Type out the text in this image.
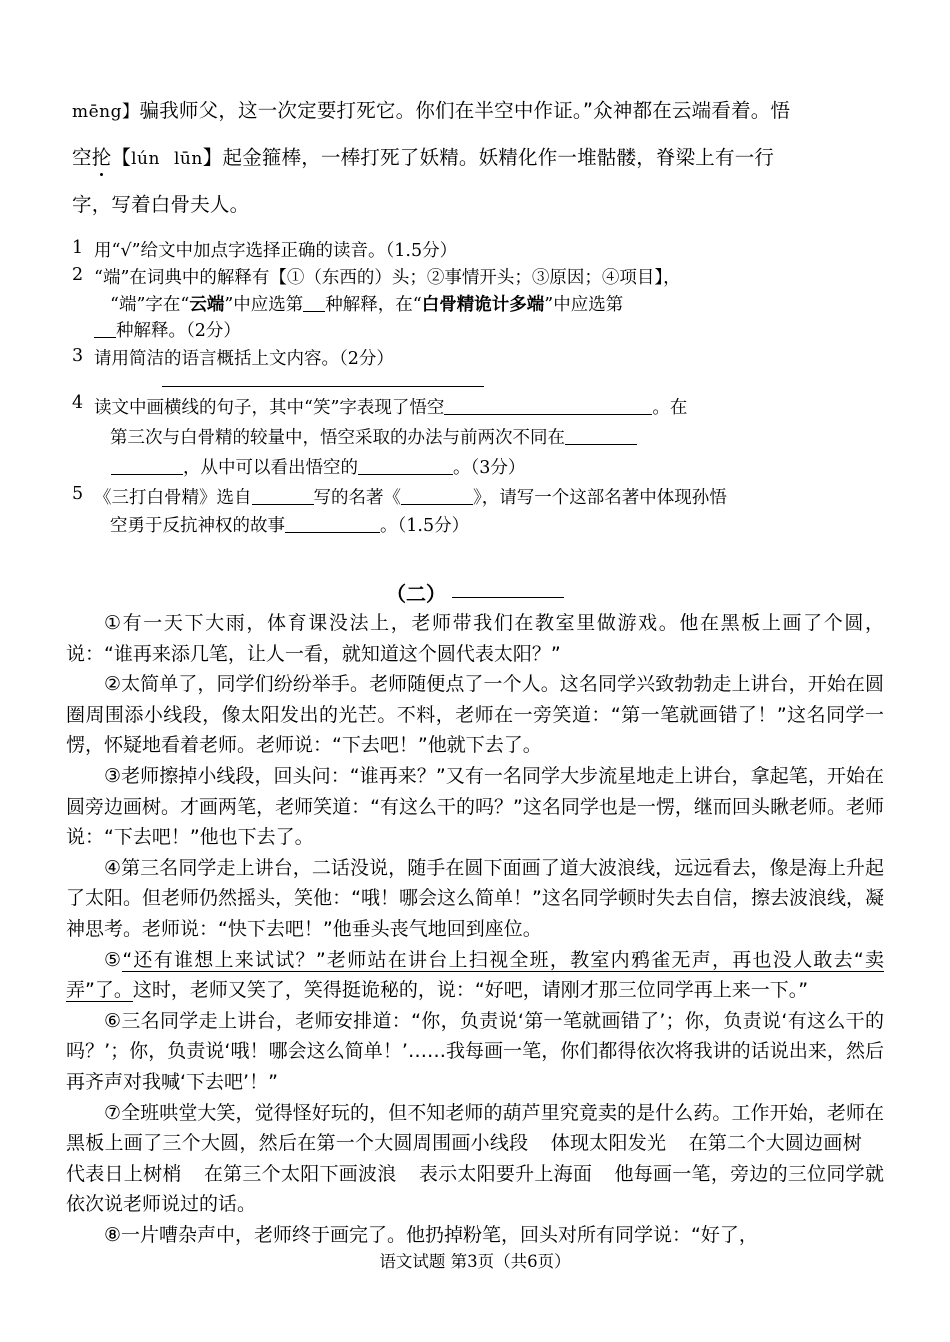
mēng】骗我师父，这一次定要打死它。你们在半空中作证。”众神都在云端看着。悟
空抡【lún lūn】起金箍棒，一棒打死了妖精。妖精化作一堆骷髅，脊梁上有一行
字，写着白骨夫人。
1 用“√”给文中加点字选择正确的读音。（1.5分）
2 “端”在词典中的解释有【①（东西的）头；②事情开头；③原因；④项目】，
“端”字在“云端”中应选第 种解释，在“白骨精诡计多端”中应选第
种解释。（2分）
3 请用简洁的语言概括上文内容。（2分）
4 读文中画横线的句子，其中“笑”字表现了悟空	。在
第三次与白骨精的较量中，悟空采取的办法与前两次不同在
，从中可以看出悟空的	。（3分）
5 《三打白骨精》选自	写的名著《	》，请写一个这部名著中体现孙悟
空勇于反抗神权的故事	。（1.5分）
（二）

①有一天下大雨，体育课没法上，老师带我们在教室里做游戏。他在黑板上画了个圆，说：“谁再来添几笔，让人一看，就知道这个圆代表太阳？”

②太简单了，同学们纷纷举手。老师随便点了一个人。这名同学兴致勃勃走上讲台，开始在圆圈周围添小线段，像太阳发出的光芒。不料，老师在一旁笑道：“第一笔就画错了！”这名同学一愣，怀疑地看着老师。老师说：“下去吧！”他就下去了。

③老师擦掉小线段，回头问：“谁再来？”又有一名同学大步流星地走上讲台，拿起笔，开始在圆旁边画树。才画两笔，老师笑道：“有这么干的吗？”这名同学也是一愣，继而回头瞅老师。老师说：“下去吧！”他也下去了。

④第三名同学走上讲台，二话没说，随手在圆下面画了道大波浪线，远远看去，像是海上升起了太阳。但老师仍然摇头，笑他：“哦！哪会这么简单！”这名同学顿时失去自信，擦去波浪线，凝神思考。老师说：“快下去吧！”他垂头丧气地回到座位。

⑤“还有谁想上来试试？”老师站在讲台上扫视全班，教室内鸦雀无声，再也没人敢去“卖弄”了。这时，老师又笑了，笑得挺诡秘的，说：“好吧，请刚才那三位同学再上来一下。”

⑥三名同学走上讲台，老师安排道：“你，负责说‘第一笔就画错了’；你，负责说‘有这么干的吗？’；你，负责说‘哦！哪会这么简单！’……我每画一笔，你们都得依次将我讲的话说出来，然后再齐声对我喊‘下去吧’！”

⑦全班哄堂大笑，觉得怪好玩的，但不知老师的葫芦里究竟卖的是什么药。工作开始，老师在黑板上画了三个大圆，然后在第一个大圆周围画小线段 体现太阳发光 在第二个大圆边画树代表日上树梢 在第三个太阳下画波浪 表示太阳要升上海面 他每画一笔，旁边的三位同学就依次说老师说过的话。

⑧一片嘈杂声中，老师终于画完了。他扔掉粉笔，回头对所有同学说：“好了，

语文试题 第3页（共6页）
